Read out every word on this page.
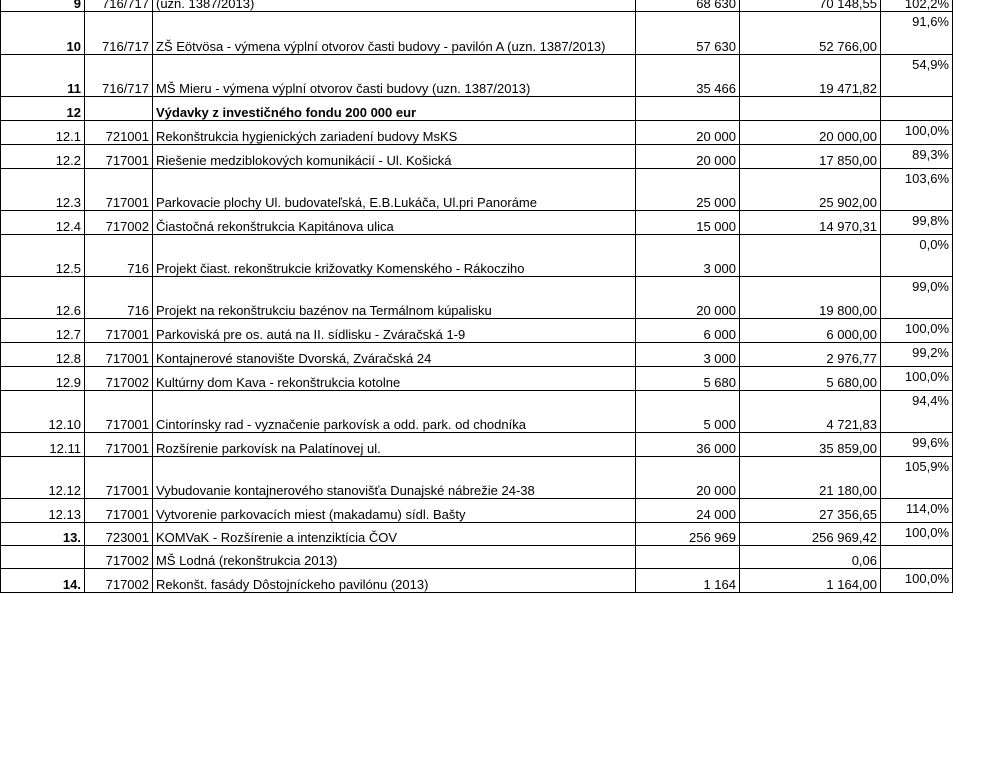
9	716/717	(uzn. 1387/2013)	68 630	70 148,55	102,2%
10	716/717	ZŠ Eötvösa - výmena výplní otvorov časti budovy - pavilón A (uzn. 1387/2013)	57 630	52 766,00	91,6%
11	716/717	MŠ Mieru - výmena výplní otvorov časti budovy (uzn. 1387/2013)	35 466	19 471,82	54,9%
12		Výdavky z investičného fondu 200 000 eur			
12.1	721001	Rekonštrukcia hygienických zariadení budovy MsKS	20 000	20 000,00	100,0%
12.2	717001	Riešenie medziblokových komunikácií - Ul. Košická	20 000	17 850,00	89,3%
12.3	717001	Parkovacie plochy Ul. budovateľská, E.B.Lukáča, Ul.pri Panoráme	25 000	25 902,00	103,6%
12.4	717002	Čiastočná rekonštrukcia Kapitánova ulica	15 000	14 970,31	99,8%
12.5	716	Projekt čiast. rekonštrukcie križovatky Komenského - Rákocziho	3 000		0,0%
12.6	716	Projekt na rekonštrukciu bazénov na Termálnom kúpalisku	20 000	19 800,00	99,0%
12.7	717001	Parkoviská pre os. autá na II. sídlisku - Zváračská 1-9	6 000	6 000,00	100,0%
12.8	717001	Kontajnerové stanovište Dvorská, Zváračská 24	3 000	2 976,77	99,2%
12.9	717002	Kultúrny dom Kava - rekonštrukcia kotolne	5 680	5 680,00	100,0%
12.10	717001	Cintorínsky rad - vyznačenie parkovísk a odd. park. od chodníka	5 000	4 721,83	94,4%
12.11	717001	Rozšírenie parkovísk na Palatínovej ul.	36 000	35 859,00	99,6%
12.12	717001	Vybudovanie kontajnerového stanovišťa Dunajské nábrežie 24-38	20 000	21 180,00	105,9%
12.13	717001	Vytvorenie parkovacích miest (makadamu) sídl. Bašty	24 000	27 356,65	114,0%
13.	723001	KOMVaK - Rozšírenie a intenziktícia ČOV	256 969	256 969,42	100,0%
	717002	MŠ Lodná (rekonštrukcia 2013)		0,06	
14.	717002	Rekonšt. fasády Dôstojníckeho pavilónu (2013)	1 164	1 164,00	100,0%
